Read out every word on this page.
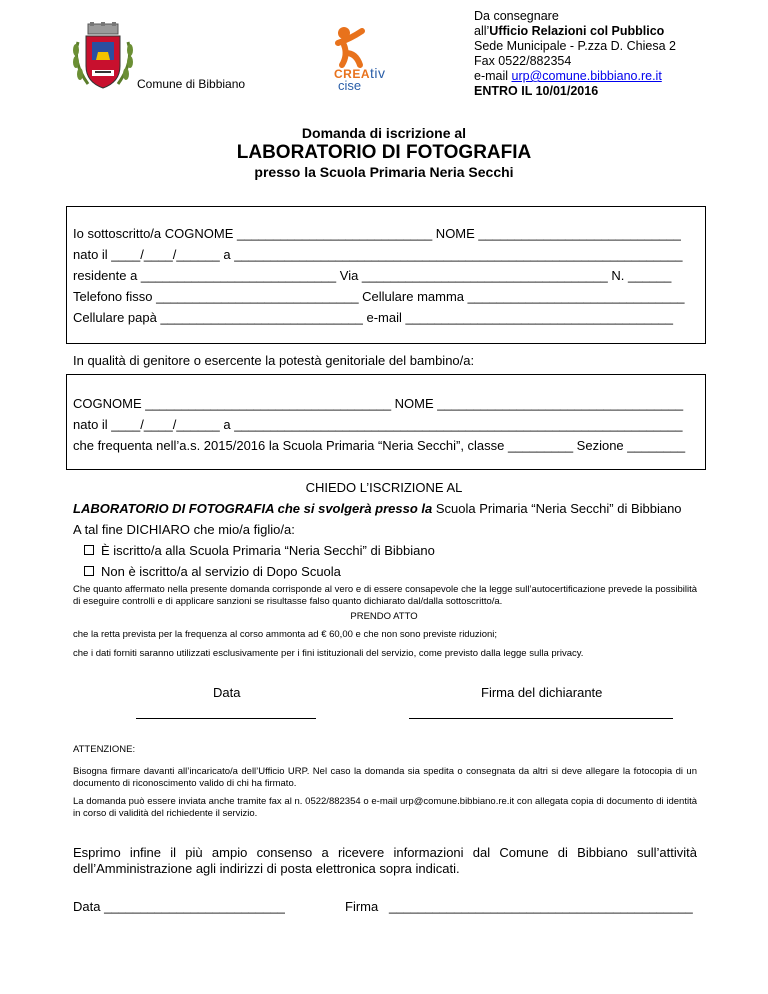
Comune di Bibbiano
CREAtiv
cise
Da consegnare
all’Ufficio Relazioni col Pubblico
Sede Municipale - P.zza D. Chiesa 2
Fax 0522/882354
e-mail urp@comune.bibbiano.re.it
ENTRO IL 10/01/2016
Domanda di iscrizione al
LABORATORIO DI FOTOGRAFIA
presso la Scuola Primaria Neria Secchi
Io sottoscritto/a COGNOME ___________________________ NOME ____________________________
nato il ____/____/______ a ______________________________________________________________
residente a ___________________________ Via __________________________________ N. ______
Telefono fisso ____________________________ Cellulare mamma ______________________________
Cellulare papà ____________________________ e-mail _____________________________________
In qualità di genitore o esercente la potestà genitoriale del bambino/a:
COGNOME __________________________________ NOME __________________________________
nato il ____/____/______ a ______________________________________________________________
che frequenta nell’a.s. 2015/2016 la Scuola Primaria “Neria Secchi”, classe _________ Sezione ________
CHIEDO L’ISCRIZIONE AL
LABORATORIO DI FOTOGRAFIA che si svolgerà presso la Scuola Primaria “Neria Secchi” di Bibbiano
A tal fine DICHIARO che mio/a figlio/a:
È iscritto/a alla Scuola Primaria “Neria Secchi” di Bibbiano
Non è iscritto/a al servizio di Dopo Scuola
Che quanto affermato nella presente domanda corrisponde al vero e di essere consapevole che la legge sull’autocertificazione prevede la possibilità di eseguire controlli e di applicare sanzioni se risultasse falso quanto dichiarato dal/dalla sottoscritto/a.
PRENDO ATTO
che la retta prevista per la frequenza al corso ammonta ad € 60,00 e che non sono previste riduzioni;
che i dati forniti saranno utilizzati esclusivamente per i fini istituzionali del servizio, come previsto dalla legge sulla privacy.
Data	Firma del dichiarante
ATTENZIONE:
Bisogna firmare davanti all’incaricato/a dell’Ufficio URP. Nel caso la domanda sia spedita o consegnata da altri si deve allegare la fotocopia di un documento di riconoscimento valido di chi ha firmato.
La domanda può essere inviata anche tramite fax al n. 0522/882354 o e-mail urp@comune.bibbiano.re.it con allegata copia di documento di identità in corso di validità del richiedente il servizio.
Esprimo infine il più ampio consenso a ricevere informazioni dal Comune di Bibbiano sull’attività dell’Amministrazione agli indirizzi di posta elettronica sopra indicati.
Data _________________________	Firma   __________________________________________
